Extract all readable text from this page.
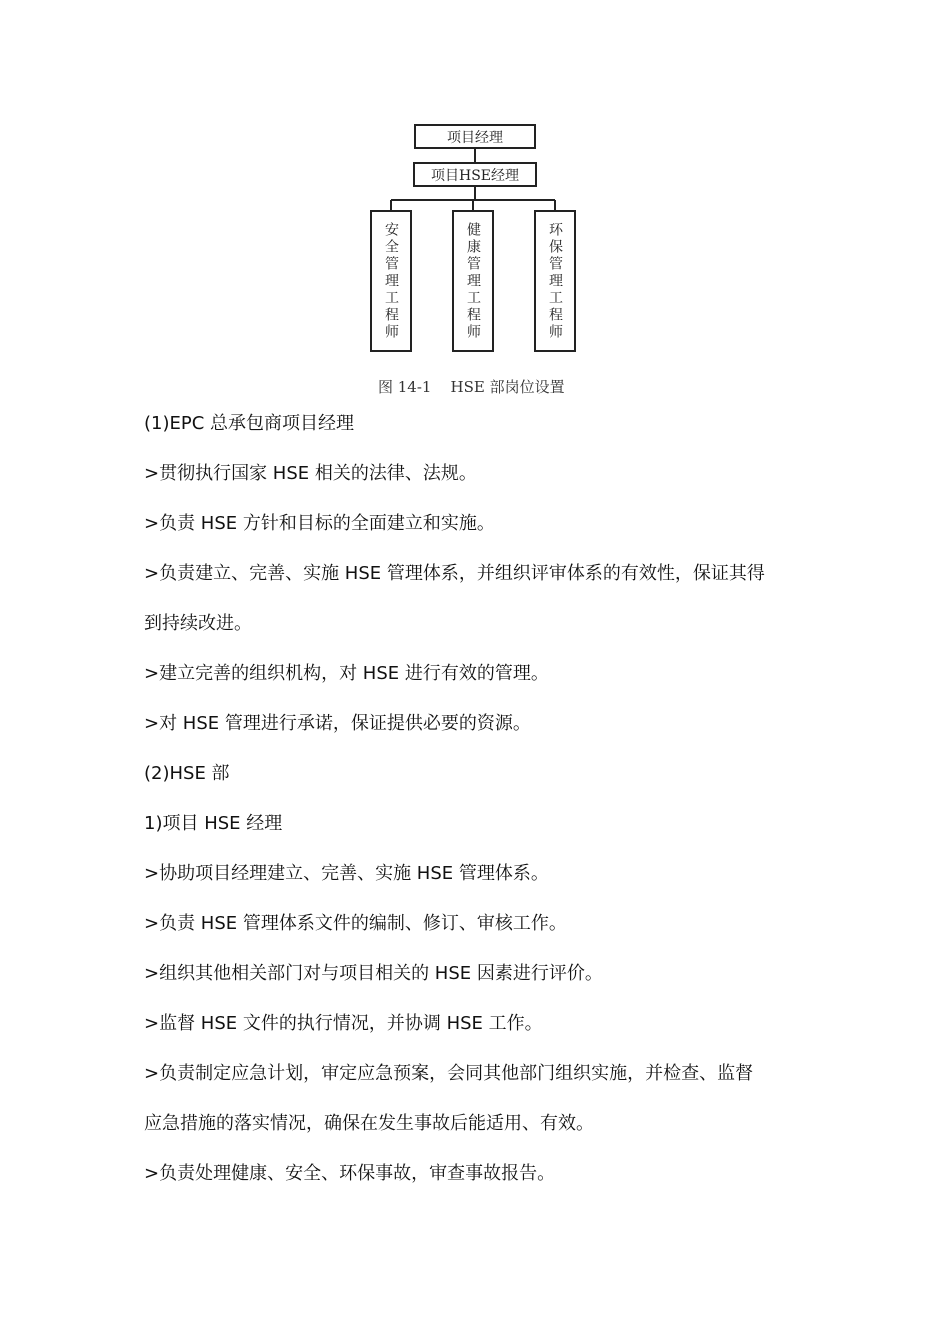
项目经理
项目HSE经理
安全管理工程师	健康管理工程师	环保管理工程师
图 14-1    HSE 部岗位设置
(1)EPC 总承包商项目经理
>贯彻执行国家 HSE 相关的法律、法规。
>负责 HSE 方针和目标的全面建立和实施。
>负责建立、完善、实施 HSE 管理体系，并组织评审体系的有效性，保证其得
到持续改进。
>建立完善的组织机构，对 HSE 进行有效的管理。
>对 HSE 管理进行承诺，保证提供必要的资源。
(2)HSE 部
1)项目 HSE 经理
>协助项目经理建立、完善、实施 HSE 管理体系。
>负责 HSE 管理体系文件的编制、修订、审核工作。
>组织其他相关部门对与项目相关的 HSE 因素进行评价。
>监督 HSE 文件的执行情况，并协调 HSE 工作。
>负责制定应急计划，审定应急预案，会同其他部门组织实施，并检查、监督
应急措施的落实情况，确保在发生事故后能适用、有效。
>负责处理健康、安全、环保事故，审查事故报告。
